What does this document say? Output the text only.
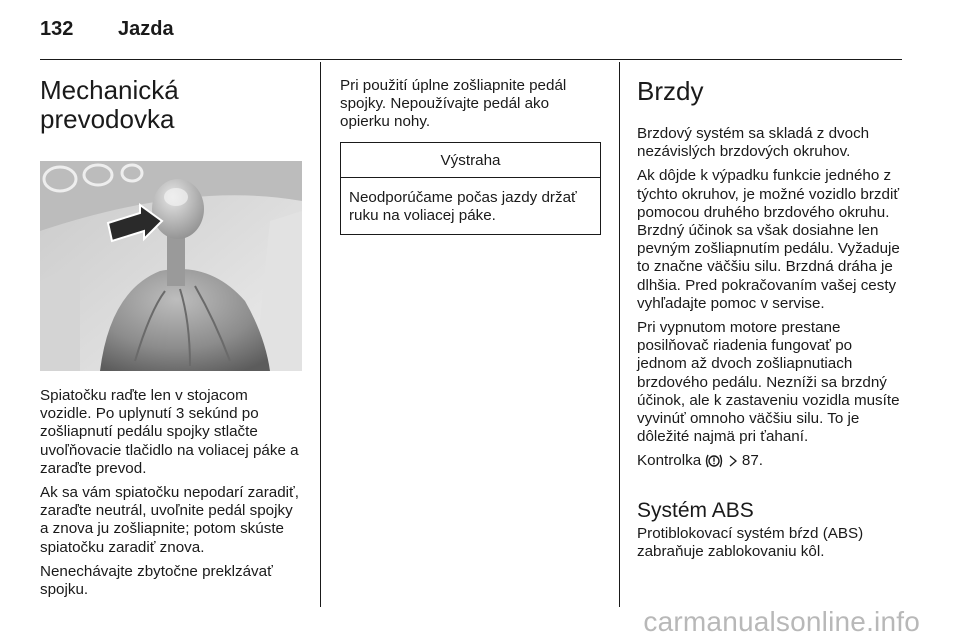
132 Jazda
Mechanická
prevodovka

Spiatočku raďte len v stojacom vozidle. Po uplynutí 3 sekúnd po zošliapnutí pedálu spojky stlačte uvoľňovacie tlačidlo na voliacej páke a zaraďte prevod.

Ak sa vám spiatočku nepodarí zaradiť, zaraďte neutrál, uvoľnite pedál spojky a znova ju zošliapnite; potom skúste spiatočku zaradiť znova.

Nenechávajte zbytočne preklzávať spojku.

Pri použití úplne zošliapnite pedál spojky. Nepoužívajte pedál ako opierku nohy.

Výstraha
Neodporúčame počas jazdy držať ruku na voliacej páke.
Brzdy

Brzdový systém sa skladá z dvoch nezávislých brzdových okruhov.

Ak dôjde k výpadku funkcie jedného z týchto okruhov, je možné vozidlo brzdiť pomocou druhého brzdového okruhu. Brzdný účinok sa však dosiahne len pevným zošliapnutím pedálu. Vyžaduje to značne väčšiu silu. Brzdná dráha je dlhšia. Pred pokračovaním vašej cesty vyhľadajte pomoc v servise.

Pri vypnutom motore prestane posilňovač riadenia fungovať po jednom až dvoch zošliapnutiach brzdového pedálu. Nezníži sa brzdný účinok, ale k zastaveniu vozidla musíte vyvinúť omnoho väčšiu silu. To je dôležité najmä pri ťahaní.

Kontrolka	87.

Systém ABS

Protiblokovací systém bŕzd (ABS) zabraňuje zablokovaniu kôl.

carmanualsonline.info
